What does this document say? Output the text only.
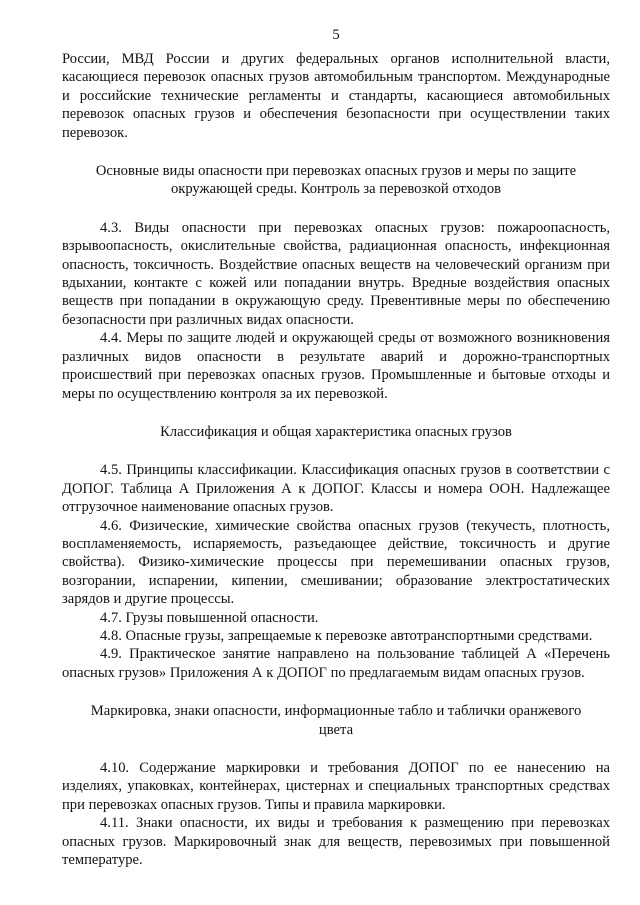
5

России, МВД России и других федеральных органов исполнительной власти, касающиеся перевозок опасных грузов автомобильным транспортом. Международные и российские технические регламенты и стандарты, касающиеся автомобильных перевозок опасных грузов и обеспечения безопасности при осуществлении таких перевозок.

Основные виды опасности при перевозках опасных грузов и меры по защите окружающей среды. Контроль за перевозкой отходов

4.3. Виды опасности при перевозках опасных грузов: пожароопасность, взрывоопасность, окислительные свойства, радиационная опасность, инфекционная опасность, токсичность. Воздействие опасных веществ на человеческий организм при вдыхании, контакте с кожей или попадании внутрь. Вредные воздействия опасных веществ при попадании в окружающую среду. Превентивные меры по обеспечению безопасности при различных видах опасности.

4.4. Меры по защите людей и окружающей среды от возможного возникновения различных видов опасности в результате аварий и дорожно-транспортных происшествий при перевозках опасных грузов. Промышленные и бытовые отходы и меры по осуществлению контроля за их перевозкой.

Классификация и общая характеристика опасных грузов

4.5. Принципы классификации. Классификация опасных грузов в соответствии с ДОПОГ. Таблица А Приложения А к ДОПОГ. Классы и номера ООН. Надлежащее отгрузочное наименование опасных грузов.

4.6. Физические, химические свойства опасных грузов (текучесть, плотность, воспламеняемость, испаряемость, разъедающее действие, токсичность и другие свойства). Физико-химические процессы при перемешивании опасных грузов, возгорании, испарении, кипении, смешивании; образование электростатических зарядов и другие процессы.

4.7. Грузы повышенной опасности.

4.8. Опасные грузы, запрещаемые к перевозке автотранспортными средствами.

4.9. Практическое занятие направлено на пользование таблицей А «Перечень опасных грузов» Приложения А к ДОПОГ по предлагаемым видам опасных грузов.

Маркировка, знаки опасности, информационные табло и таблички оранжевого цвета

4.10. Содержание маркировки и требования ДОПОГ по ее нанесению на изделиях, упаковках, контейнерах, цистернах и специальных транспортных средствах при перевозках опасных грузов. Типы и правила маркировки.

4.11. Знаки опасности, их виды и требования к размещению при перевозках опасных грузов. Маркировочный знак для веществ, перевозимых при повышенной температуре.
